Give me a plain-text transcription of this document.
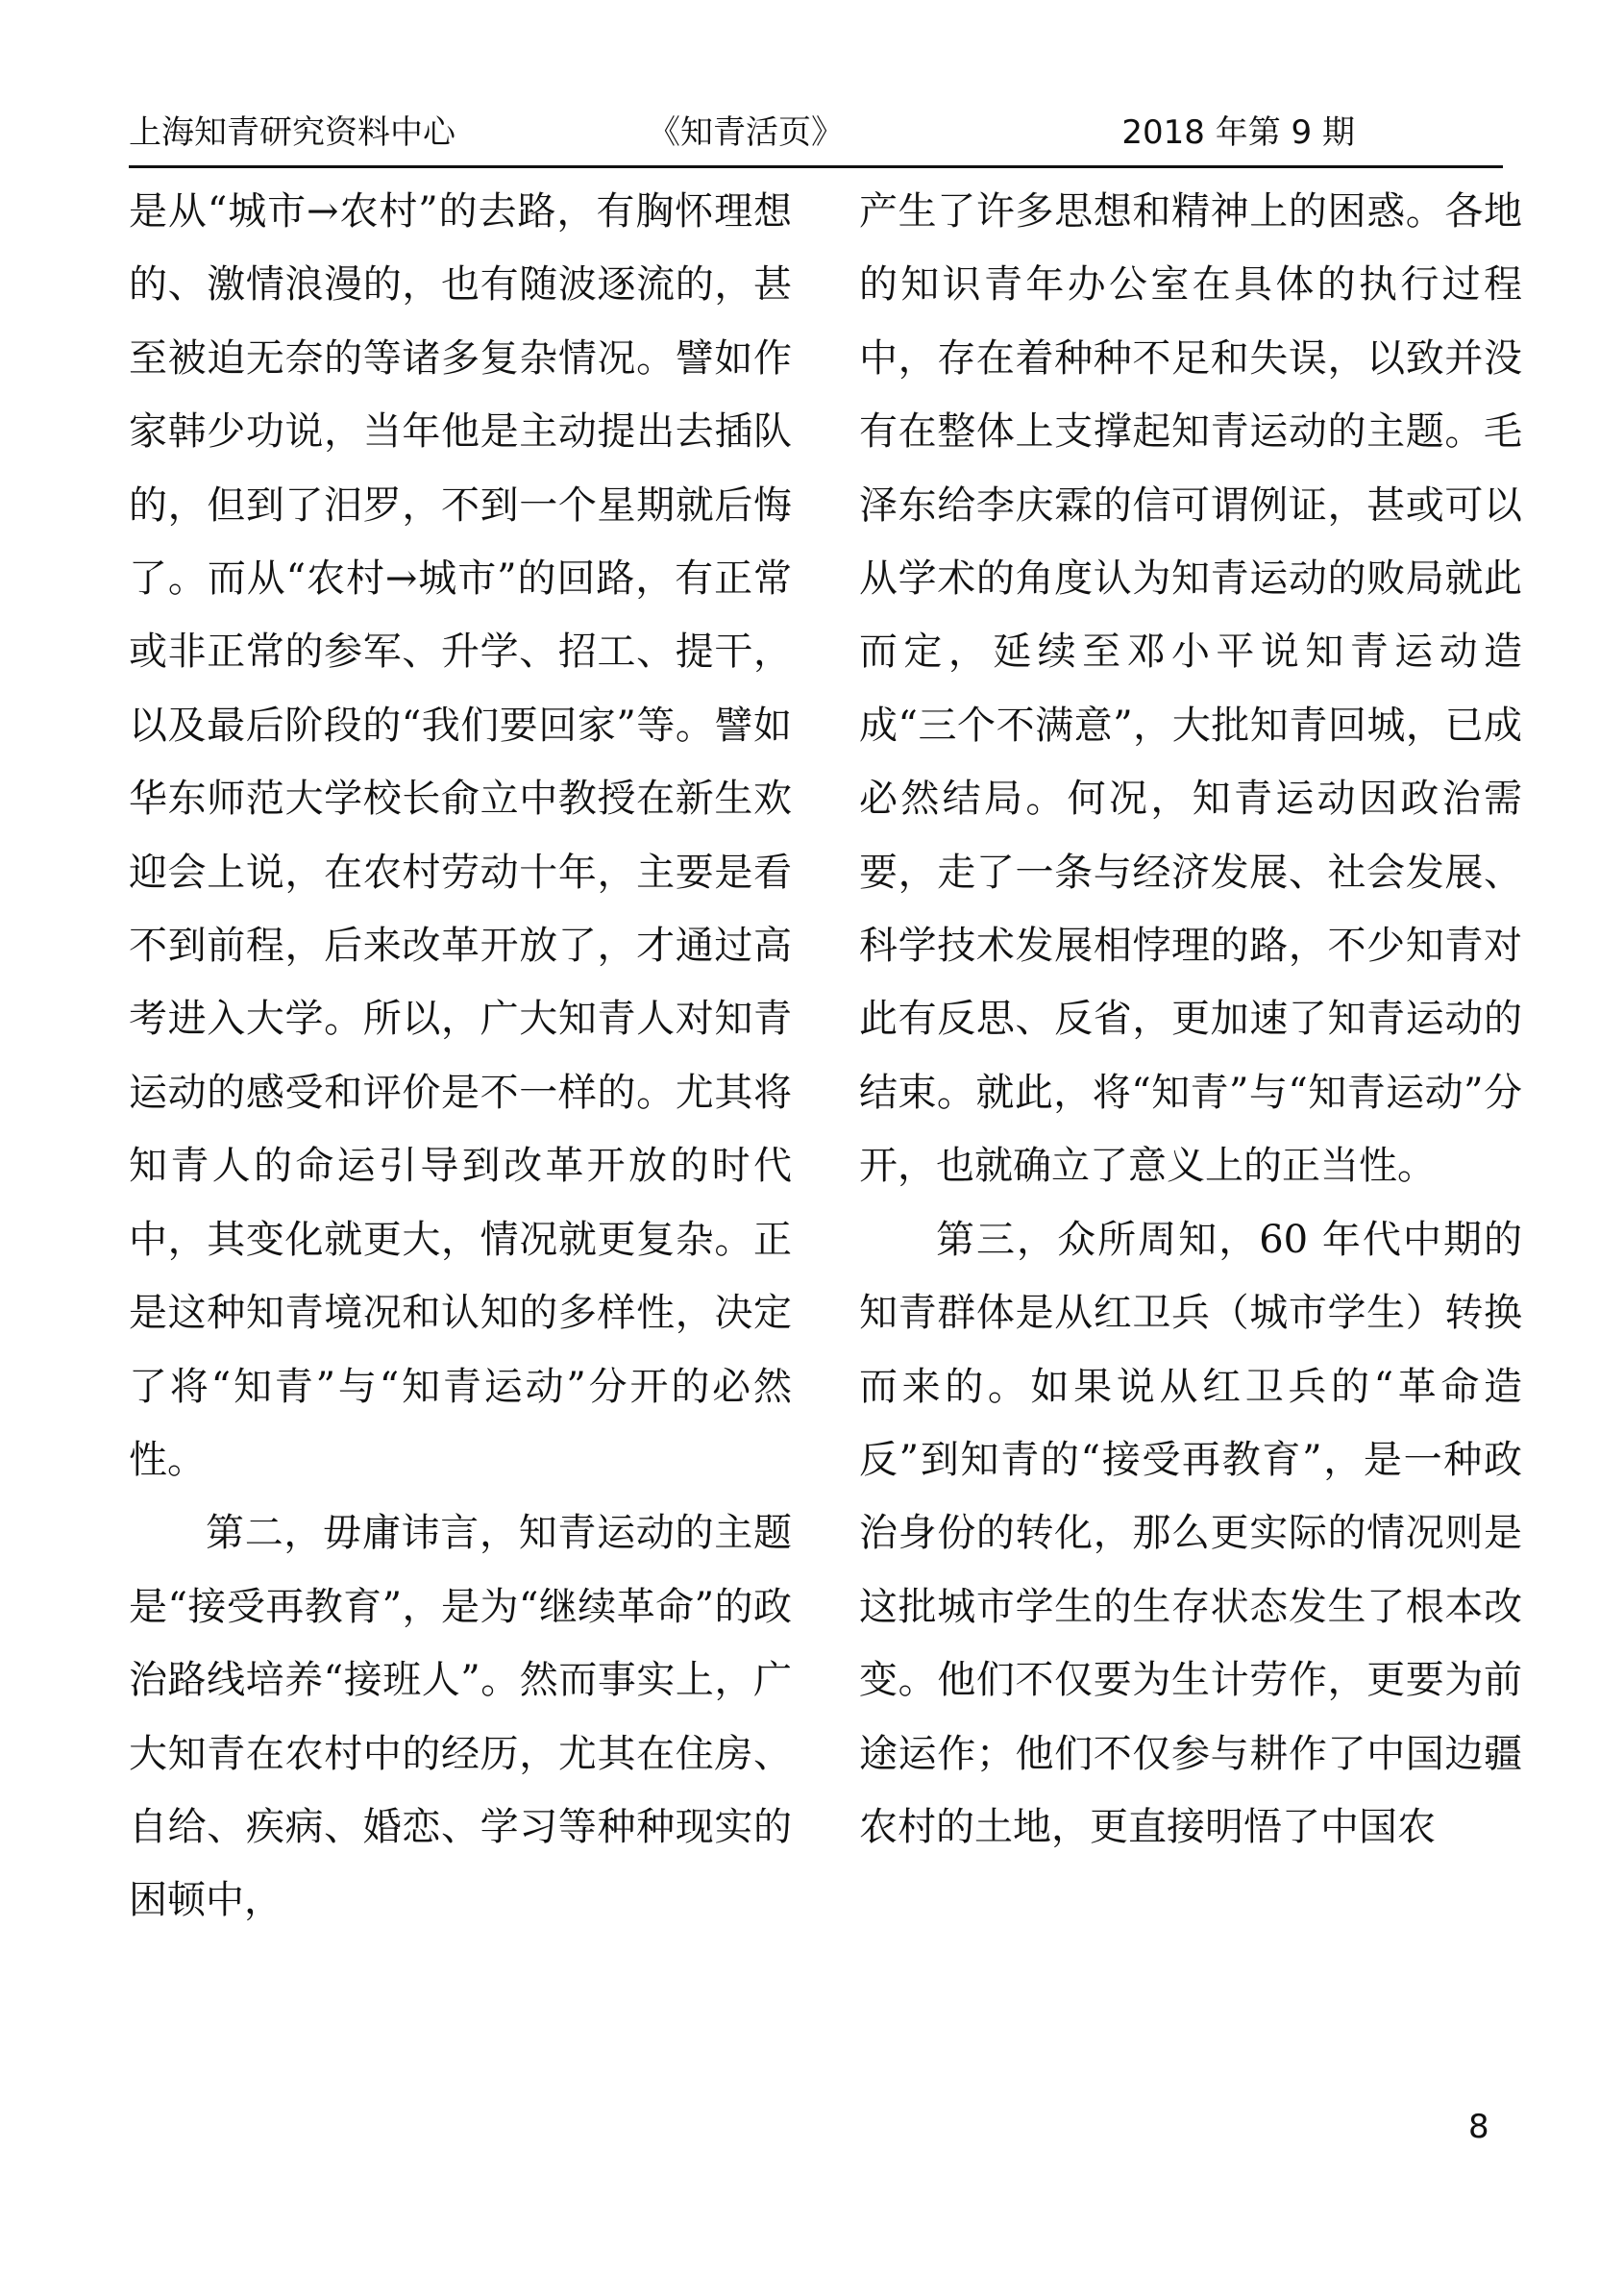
上海知青研究资料中心	《知青活页》	2018 年第 9 期

是从“城市→农村”的去路，有胸怀理想的、激情浪漫的，也有随波逐流的，甚至被迫无奈的等诸多复杂情况。譬如作家韩少功说，当年他是主动提出去插队的，但到了汨罗，不到一个星期就后悔了。而从“农村→城市”的回路，有正常或非正常的参军、升学、招工、提干，以及最后阶段的“我们要回家”等。譬如华东师范大学校长俞立中教授在新生欢迎会上说，在农村劳动十年，主要是看不到前程，后来改革开放了，才通过高考进入大学。所以，广大知青人对知青运动的感受和评价是不一样的。尤其将知青人的命运引导到改革开放的时代中，其变化就更大，情况就更复杂。正是这种知青境况和认知的多样性，决定了将“知青”与“知青运动”分开的必然性。

第二，毋庸讳言，知青运动的主题是“接受再教育”，是为“继续革命”的政治路线培养“接班人”。然而事实上，广大知青在农村中的经历，尤其在住房、自给、疾病、婚恋、学习等种种现实的困顿中，

产生了许多思想和精神上的困惑。各地的知识青年办公室在具体的执行过程中，存在着种种不足和失误，以致并没有在整体上支撑起知青运动的主题。毛泽东给李庆霖的信可谓例证，甚或可以从学术的角度认为知青运动的败局就此而定，延续至邓小平说知青运动造成“三个不满意”，大批知青回城，已成必然结局。何况，知青运动因政治需要，走了一条与经济发展、社会发展、科学技术发展相悖理的路，不少知青对此有反思、反省，更加速了知青运动的结束。就此，将“知青”与“知青运动”分开，也就确立了意义上的正当性。

第三，众所周知，60 年代中期的知青群体是从红卫兵（城市学生）转换而来的。如果说从红卫兵的“革命造反”到知青的“接受再教育”，是一种政治身份的转化，那么更实际的情况则是这批城市学生的生存状态发生了根本改变。他们不仅要为生计劳作，更要为前途运作；他们不仅参与耕作了中国边疆农村的土地，更直接明悟了中国农

8
